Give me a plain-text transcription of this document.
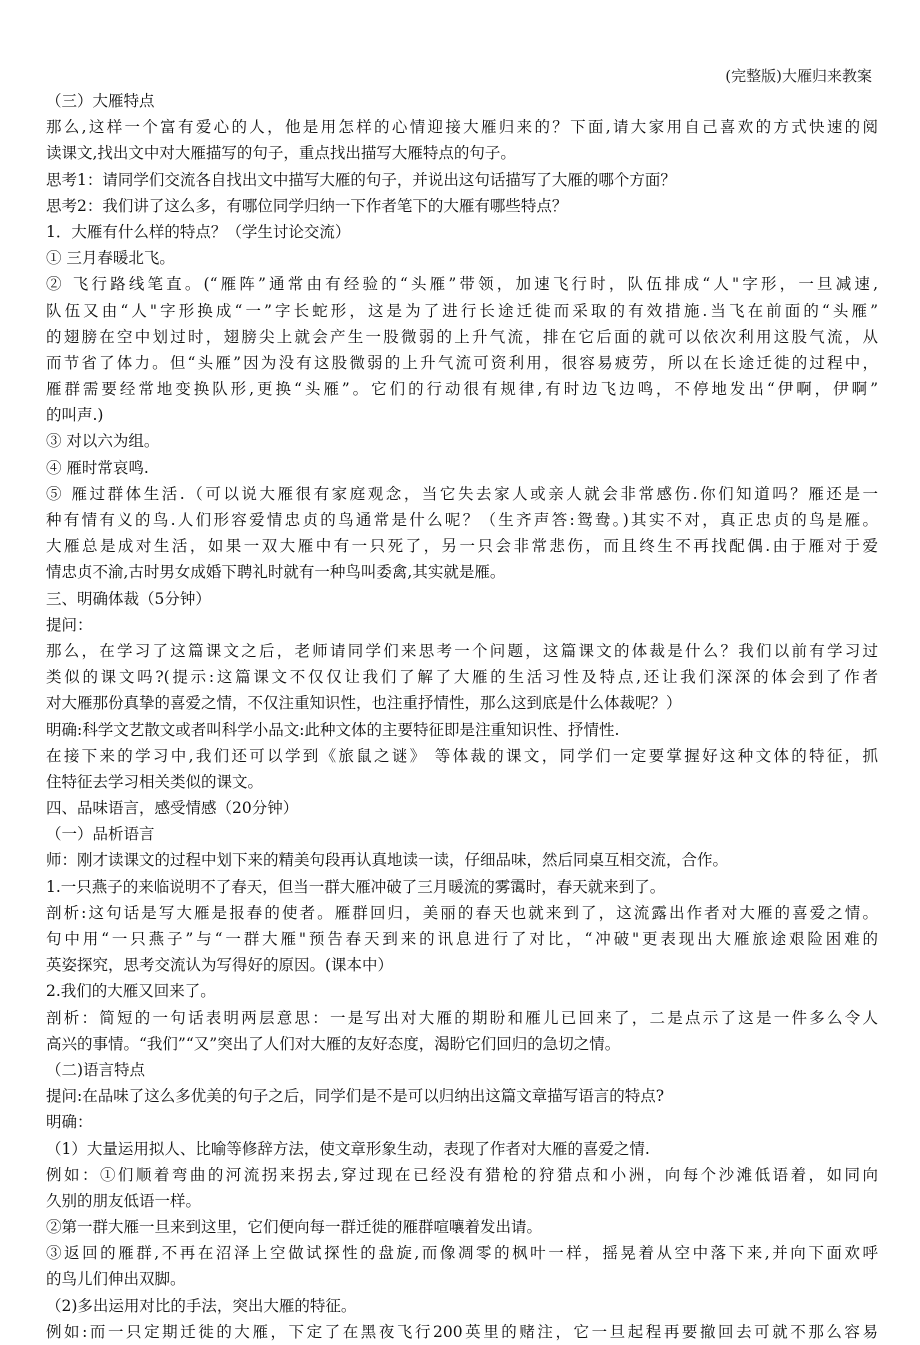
(完整版)大雁归来教案
（三）大雁特点
那么,这样一个富有爱心的人，他是用怎样的心情迎接大雁归来的？下面,请大家用自己喜欢的方式快速的阅
读课文,找出文中对大雁描写的句子，重点找出描写大雁特点的句子。
思考1：请同学们交流各自找出文中描写大雁的句子，并说出这句话描写了大雁的哪个方面？
思考2：我们讲了这么多，有哪位同学归纳一下作者笔下的大雁有哪些特点？
1．大雁有什么样的特点？（学生讨论交流）
① 三月春暖北飞。
② 飞行路线笔直。(“雁阵”通常由有经验的“头雁”带领，加速飞行时，队伍排成“人"字形，一旦减速,
队伍又由“人"字形换成“一”字长蛇形，这是为了进行长途迁徙而采取的有效措施.当飞在前面的“头雁”
的翅膀在空中划过时，翅膀尖上就会产生一股微弱的上升气流，排在它后面的就可以依次利用这股气流，从
而节省了体力。但“头雁”因为没有这股微弱的上升气流可资利用，很容易疲劳，所以在长途迁徙的过程中，
雁群需要经常地变换队形,更换“头雁”。它们的行动很有规律,有时边飞边鸣，不停地发出“伊啊，伊啊”
的叫声.)
③ 对以六为组。
④ 雁时常哀鸣.
⑤ 雁过群体生活.（可以说大雁很有家庭观念，当它失去家人或亲人就会非常感伤.你们知道吗？雁还是一
种有情有义的鸟.人们形容爱情忠贞的鸟通常是什么呢？（生齐声答:鸳鸯。)其实不对，真正忠贞的鸟是雁。
大雁总是成对生活，如果一双大雁中有一只死了，另一只会非常悲伤，而且终生不再找配偶.由于雁对于爱
情忠贞不渝,古时男女成婚下聘礼时就有一种鸟叫委禽,其实就是雁。
三、明确体裁（5分钟）
提问：
那么，在学习了这篇课文之后，老师请同学们来思考一个问题，这篇课文的体裁是什么？我们以前有学习过
类似的课文吗?(提示:这篇课文不仅仅让我们了解了大雁的生活习性及特点,还让我们深深的体会到了作者
对大雁那份真挚的喜爱之情，不仅注重知识性，也注重抒情性，那么这到底是什么体裁呢？）
明确:科学文艺散文或者叫科学小品文:此种文体的主要特征即是注重知识性、抒情性.
在接下来的学习中,我们还可以学到《旅鼠之谜》 等体裁的课文，同学们一定要掌握好这种文体的特征，抓
住特征去学习相关类似的课文。
四、品味语言，感受情感（20分钟）
（一）品析语言
师：刚才读课文的过程中划下来的精美句段再认真地读一读，仔细品味，然后同桌互相交流，合作。
1.一只燕子的来临说明不了春天，但当一群大雁冲破了三月暖流的雾霭时，春天就来到了。
剖析:这句话是写大雁是报春的使者。雁群回归，美丽的春天也就来到了，这流露出作者对大雁的喜爱之情。
句中用“一只燕子”与“一群大雁"预告春天到来的讯息进行了对比，“冲破"更表现出大雁旅途艰险困难的
英姿探究，思考交流认为写得好的原因。(课本中）
2.我们的大雁又回来了。
剖析：简短的一句话表明两层意思：一是写出对大雁的期盼和雁儿已回来了，二是点示了这是一件多么令人
高兴的事情。“我们”“又”突出了人们对大雁的友好态度，渴盼它们回归的急切之情。
（二)语言特点
提问:在品味了这么多优美的句子之后，同学们是不是可以归纳出这篇文章描写语言的特点?
明确：
（1）大量运用拟人、比喻等修辞方法，使文章形象生动，表现了作者对大雁的喜爱之情.
例如：①们顺着弯曲的河流拐来拐去,穿过现在已经没有猎枪的狩猎点和小洲，向每个沙滩低语着，如同向
久别的朋友低语一样。
②第一群大雁一旦来到这里，它们便向每一群迁徙的雁群喧嚷着发出请。
③返回的雁群,不再在沼泽上空做试探性的盘旋,而像凋零的枫叶一样，摇晃着从空中落下来,并向下面欢呼
的鸟儿们伸出双脚。
（2)多出运用对比的手法，突出大雁的特征。
例如:而一只定期迁徙的大雁，下定了在黑夜飞行200英里的赌注，它一旦起程再要撤回去可就不那么容易
